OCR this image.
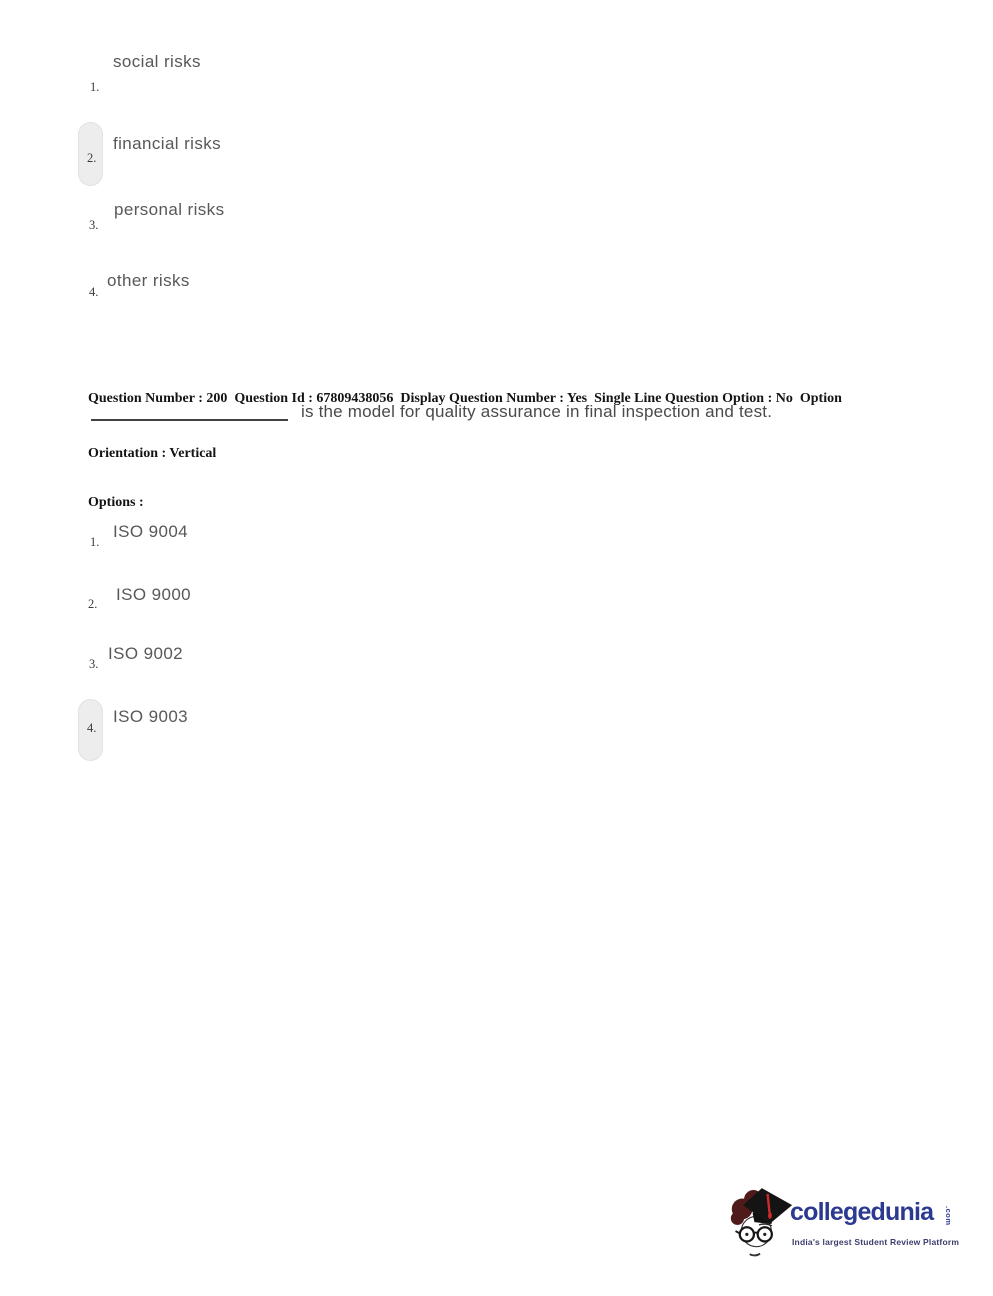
social risks
1.
financial risks
2.
personal risks
3.
other risks
4.

Question Number : 200  Question Id : 67809438056  Display Question Number : Yes  Single Line Question Option : No  Option

Orientation : Vertical

is the model for quality assurance in final inspection and test.
Options :
ISO 9004
1.
ISO 9000
2.
ISO 9002
3.
ISO 9003
4.
collegedunia .com
India's largest Student Review Platform
